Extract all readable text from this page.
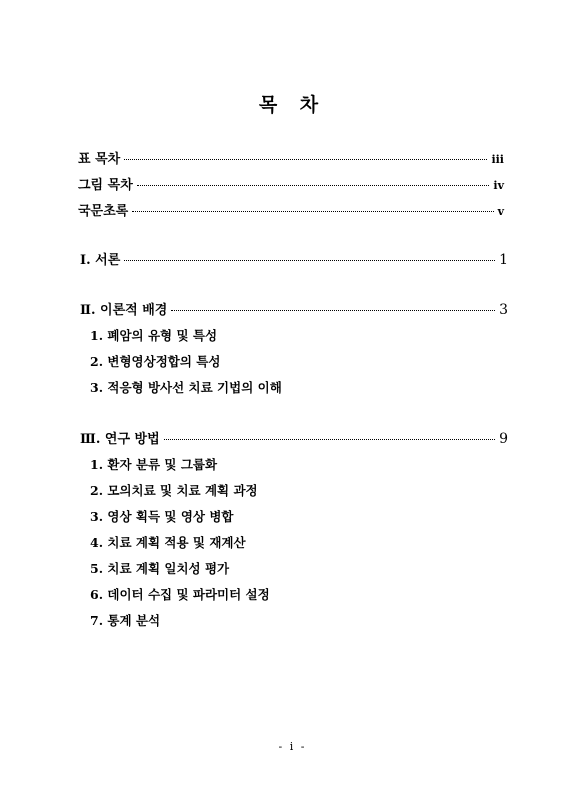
목 차
표 목차	iii
그림 목차	iv
국문초록	v
Ⅰ. 서론	1
Ⅱ. 이론적 배경	3
1. 폐암의 유형 및 특성
2. 변형영상정합의 특성
3. 적응형 방사선 치료 기법의 이해
Ⅲ. 연구 방법	9
1. 환자 분류 및 그룹화
2. 모의치료 및 치료 계획 과정
3. 영상 획득 및 영상 병합
4. 치료 계획 적용 및 재계산
5. 치료 계획 일치성 평가
6. 데이터 수집 및 파라미터 설정
7. 통계 분석
- i -
